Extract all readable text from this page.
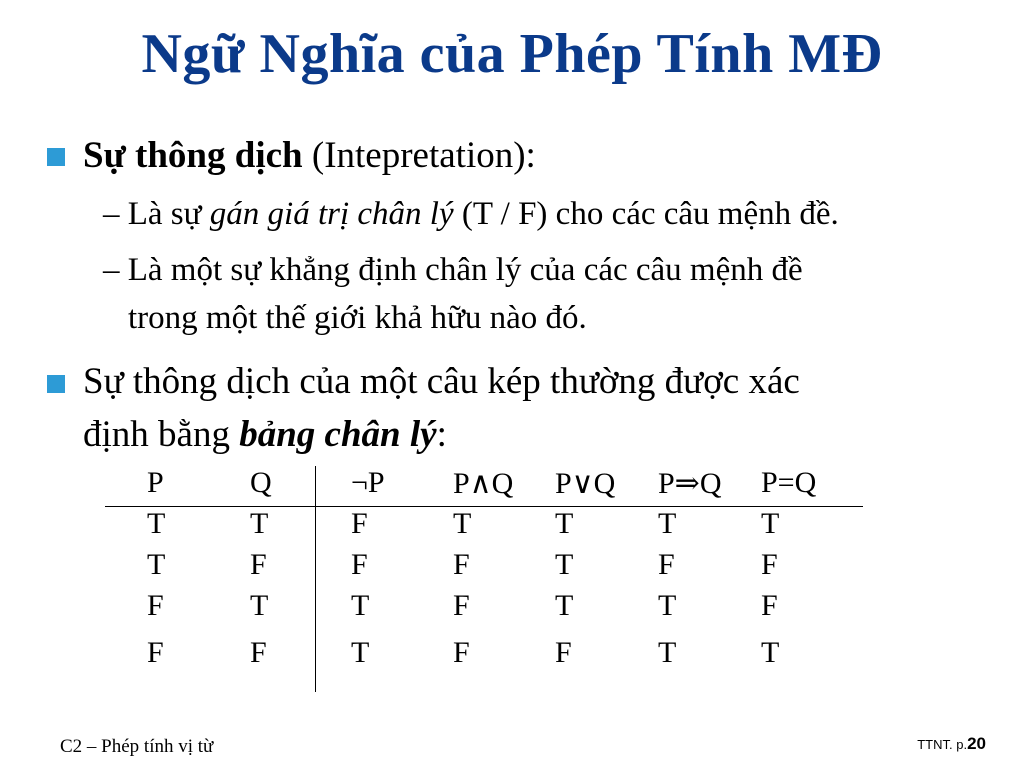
Ngữ Nghĩa của Phép Tính MĐ
Sự thông dịch (Intepretation):
– Là sự gán giá trị chân lý (T / F) cho các câu mệnh đề.
– Là một sự khẳng định chân lý của các câu mệnh đề
trong một thế giới khả hữu nào đó.
Sự thông dịch của một câu kép thường được xác
định bằng bảng chân lý:
P	Q	¬P P∧Q P∨Q P⇒Q P=Q
T	T	F	T	T	T	T
T	F	F	F	T	F	F
F	T	T	F	T	T	F
F	F	T	F	F	T	T
C2 – Phép tính vị từ	TTNT. p.20
